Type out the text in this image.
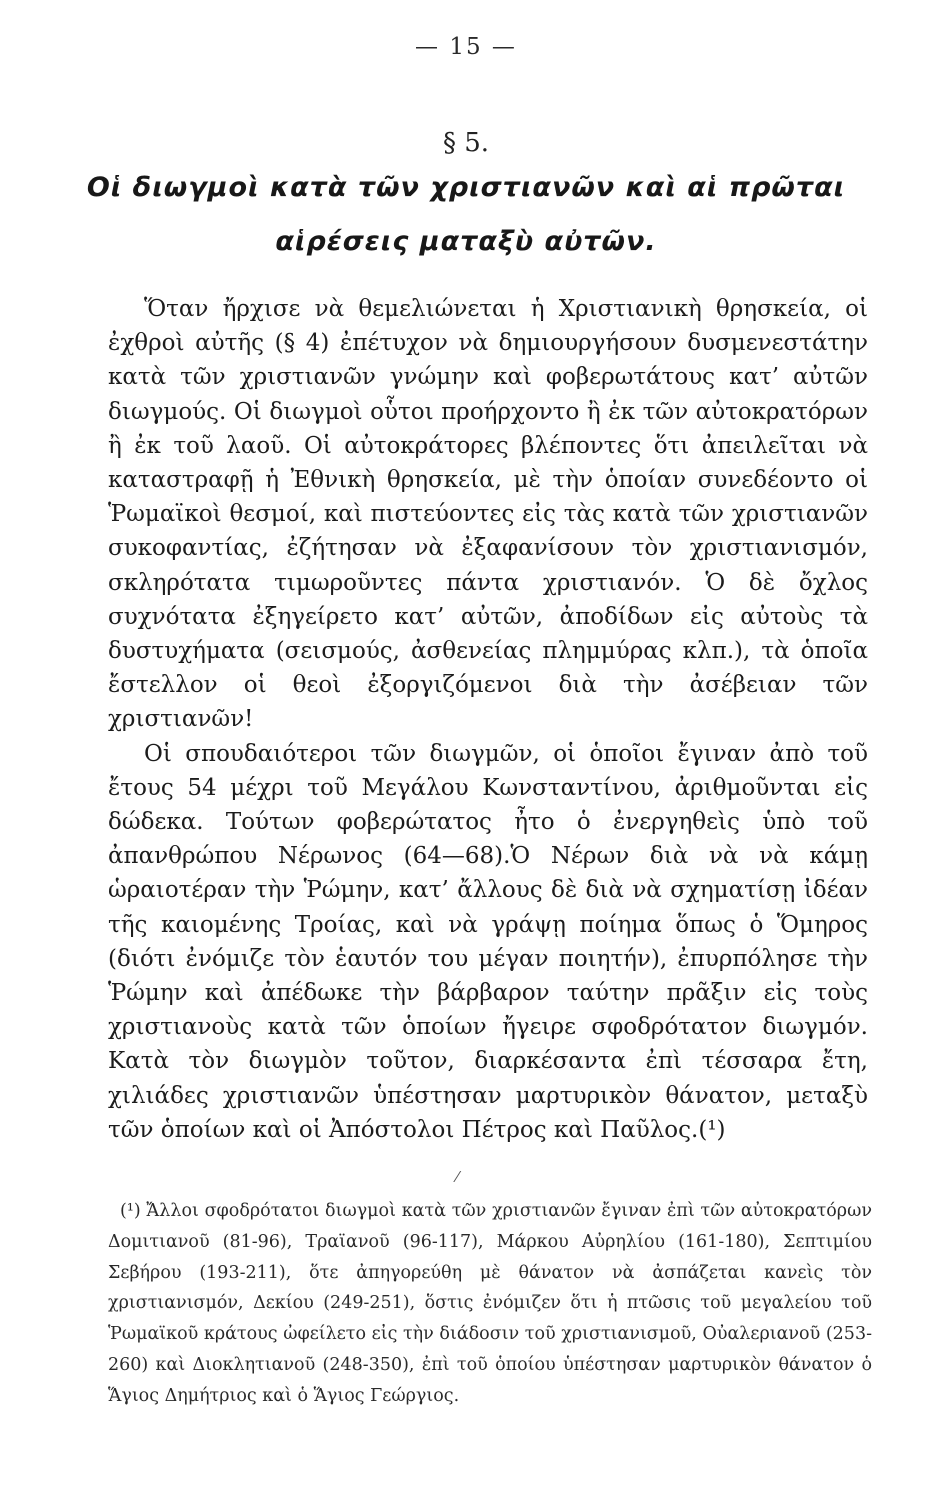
— 15 —
§ 5.
Οἱ διωγμοὶ κατὰ τῶν χριστιανῶν καὶ αἱ πρῶται
αἱρέσεις ματαξὺ αὐτῶν.

Ὅταν ἤρχισε νὰ θεμελιώνεται ἡ Χριστιανικὴ θρησκεία, οἱ ἐχθροὶ αὐτῆς (§ 4) ἐπέτυχον νὰ δημιουργήσουν δυσμενεστάτην κατὰ τῶν χριστιανῶν γνώμην καὶ φοβερωτάτους κατ’ αὐτῶν διωγμούς. Οἱ διωγμοὶ οὗτοι προήρχοντο ἢ ἐκ τῶν αὐτοκρατόρων ἢ ἐκ τοῦ λαοῦ. Οἱ αὐτοκράτορες βλέποντες ὅτι ἀπειλεῖται νὰ καταστραφῇ ἡ Ἐθνικὴ θρησκεία, μὲ τὴν ὁποίαν συνεδέοντο οἱ Ῥωμαϊκοὶ θεσμοί, καὶ πιστεύοντες εἰς τὰς κατὰ τῶν χριστιανῶν συκοφαντίας, ἐζήτησαν νὰ ἐξαφανίσουν τὸν χριστιανισμόν, σκληρότατα τιμωροῦντες πάντα χριστιανόν. Ὁ δὲ ὄχλος συχνότατα ἐξηγείρετο κατ’ αὐτῶν, ἀποδίδων εἰς αὐτοὺς τὰ δυστυχήματα (σεισμούς, ἀσθενείας πλημμύρας κλπ.), τὰ ὁποῖα ἔστελλον οἱ θεοὶ ἐξοργιζόμενοι διὰ τὴν ἀσέβειαν τῶν χριστιανῶν!

Οἱ σπουδαιότεροι τῶν διωγμῶν, οἱ ὁποῖοι ἔγιναν ἀπὸ τοῦ ἔτους 54 μέχρι τοῦ Μεγάλου Κωνσταντίνου, ἀριθμοῦνται εἰς δώδεκα. Τούτων φοβερώτατος ἦτο ὁ ἐνεργηθεὶς ὑπὸ τοῦ ἀπανθρώπου Νέρωνος (64—68).Ὁ Νέρων διὰ νὰ νὰ κάμῃ ὡραιοτέραν τὴν Ῥώμην, κατ’ ἄλλους δὲ διὰ νὰ σχηματίσῃ ἰδέαν τῆς καιομένης Τροίας, καὶ νὰ γράψῃ ποίημα ὅπως ὁ Ὅμηρος (διότι ἐνόμιζε τὸν ἑαυτόν του μέγαν ποιητήν), ἐπυρπόλησε τὴν Ῥώμην καὶ ἀπέδωκε τὴν βάρβαρον ταύτην πρᾶξιν εἰς τοὺς χριστιανοὺς κατὰ τῶν ὁποίων ἤγειρε σφοδρότατον διωγμόν. Κατὰ τὸν διωγμὸν τοῦτον, διαρκέσαντα ἐπὶ τέσσαρα ἔτη, χιλιάδες χριστιανῶν ὑπέστησαν μαρτυρικὸν θάνατον, μεταξὺ τῶν ὁποίων καὶ οἱ Ἀπόστολοι Πέτρος καὶ Παῦλος.(¹)

⁄

(¹) Ἄλλοι σφοδρότατοι διωγμοὶ κατὰ τῶν χριστιανῶν ἔγιναν ἐπὶ τῶν αὐτοκρατόρων Δομιτιανοῦ (81-96), Τραϊανοῦ (96-117), Μάρκου Αὐρηλίου (161-180), Σεπτιμίου Σεβήρου (193-211), ὅτε ἀπηγορεύθη μὲ θάνατον νὰ ἀσπάζεται κανεὶς τὸν χριστιανισμόν, Δεκίου (249-251), ὅστις ἐνόμιζεν ὅτι ἡ πτῶσις τοῦ μεγαλείου τοῦ Ῥωμαϊκοῦ κράτους ὠφείλετο εἰς τὴν διάδοσιν τοῦ χριστιανισμοῦ, Οὐαλεριανοῦ (253-260) καὶ Διοκλητιανοῦ (248-350), ἐπὶ τοῦ ὁποίου ὑπέστησαν μαρτυρικὸν θάνατον ὁ Ἅγιος Δημήτριος καὶ ὁ Ἅγιος Γεώργιος.
